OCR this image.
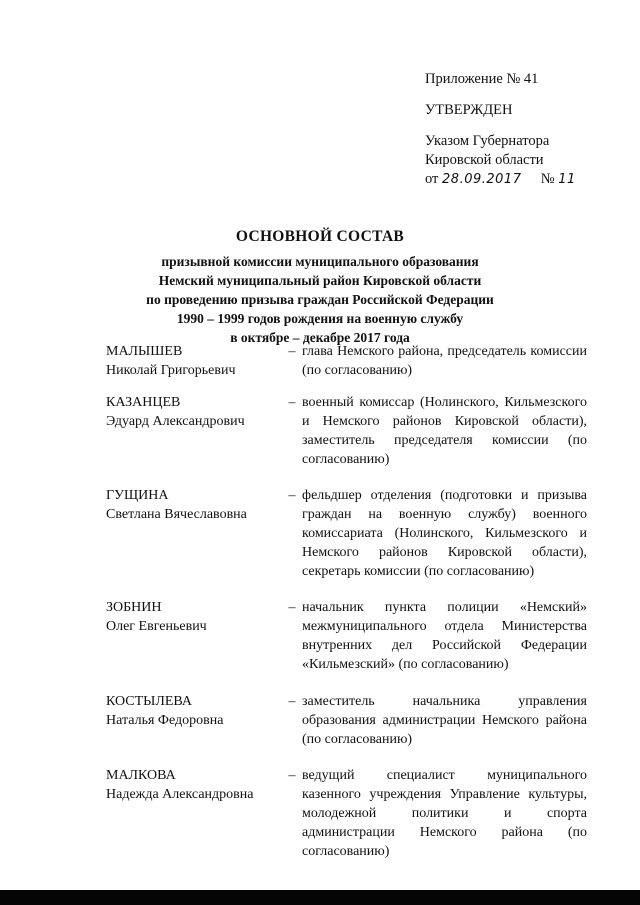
Приложение № 41
УТВЕРЖДЕН
Указом Губернатора
Кировской области
от 28.09.2017 № 11
ОСНОВНОЙ СОСТАВ
призывной комиссии муниципального образования
Немский муниципальный район Кировской области
по проведению призыва граждан Российской Федерации
1990 – 1999 годов рождения на военную службу
в октябре – декабре 2017 года
МАЛЫШЕВ
Николай Григорьевич
– глава Немского района, председатель комиссии (по согласованию)
КАЗАНЦЕВ
Эдуард Александрович
– военный комиссар (Нолинского, Кильмезского и Немского районов Кировской области), заместитель председателя комиссии (по согласованию)
ГУЩИНА
Светлана Вячеславовна
– фельдшер отделения (подготовки и призыва граждан на военную службу) военного комиссариата (Нолинского, Кильмезского и Немского районов Кировской области), секретарь комиссии (по согласованию)
ЗОБНИН
Олег Евгеньевич
– начальник пункта полиции «Немский» межмуниципального отдела Министерства внутренних дел Российской Федерации «Кильмезский» (по согласованию)
КОСТЫЛЕВА
Наталья Федоровна
– заместитель начальника управления образования администрации Немского района (по согласованию)
МАЛКОВА
Надежда Александровна
– ведущий специалист муниципального казенного учреждения Управление культуры, молодежной политики и спорта администрации Немского района (по согласованию)
